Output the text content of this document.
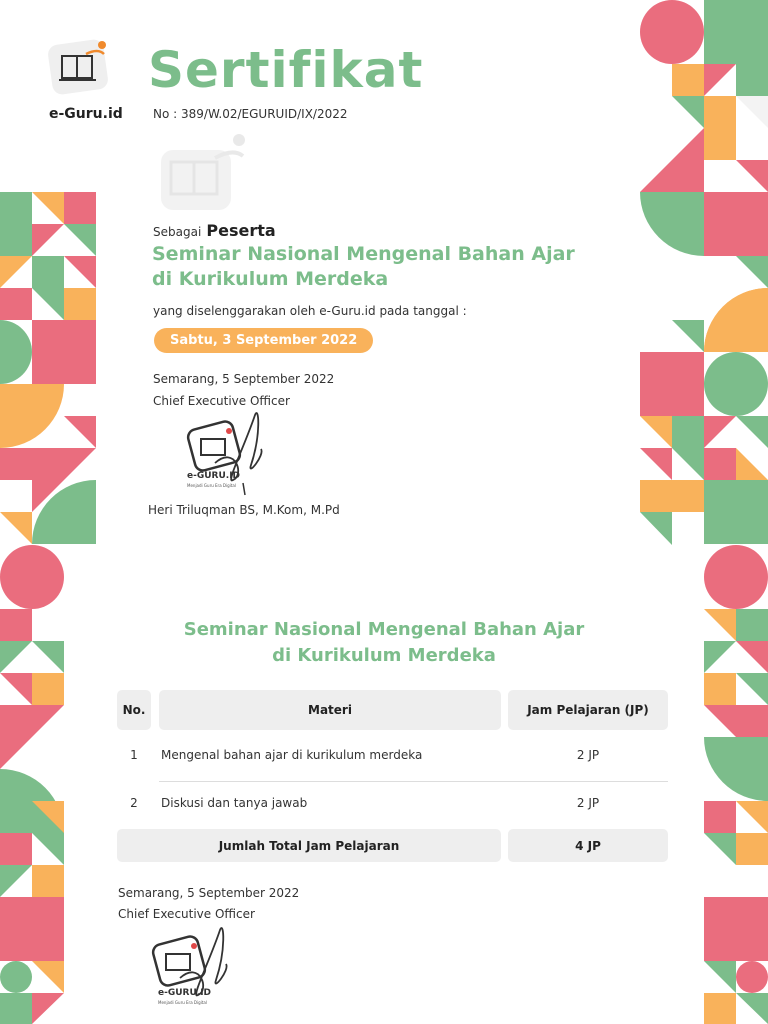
e-Guru.id
Sertifikat
No : 389/W.02/EGURUID/IX/2022
Sebagai Peserta
Seminar Nasional Mengenal Bahan Ajar
di Kurikulum Merdeka
yang diselenggarakan oleh e-Guru.id pada tanggal :
Sabtu, 3 September 2022
Semarang, 5 September 2022
Chief Executive Officer
e-GURU.ID
Menjadi Guru Era Digital
Heri Triluqman BS, M.Kom, M.Pd
Seminar Nasional Mengenal Bahan Ajar
di Kurikulum Merdeka
No.	Materi	Jam Pelajaran (JP)
1	Mengenal bahan ajar di kurikulum merdeka	2 JP
2	Diskusi dan tanya jawab	2 JP
Jumlah Total Jam Pelajaran	4 JP
Semarang, 5 September 2022
Chief Executive Officer
e-GURU.ID
Menjadi Guru Era Digital
